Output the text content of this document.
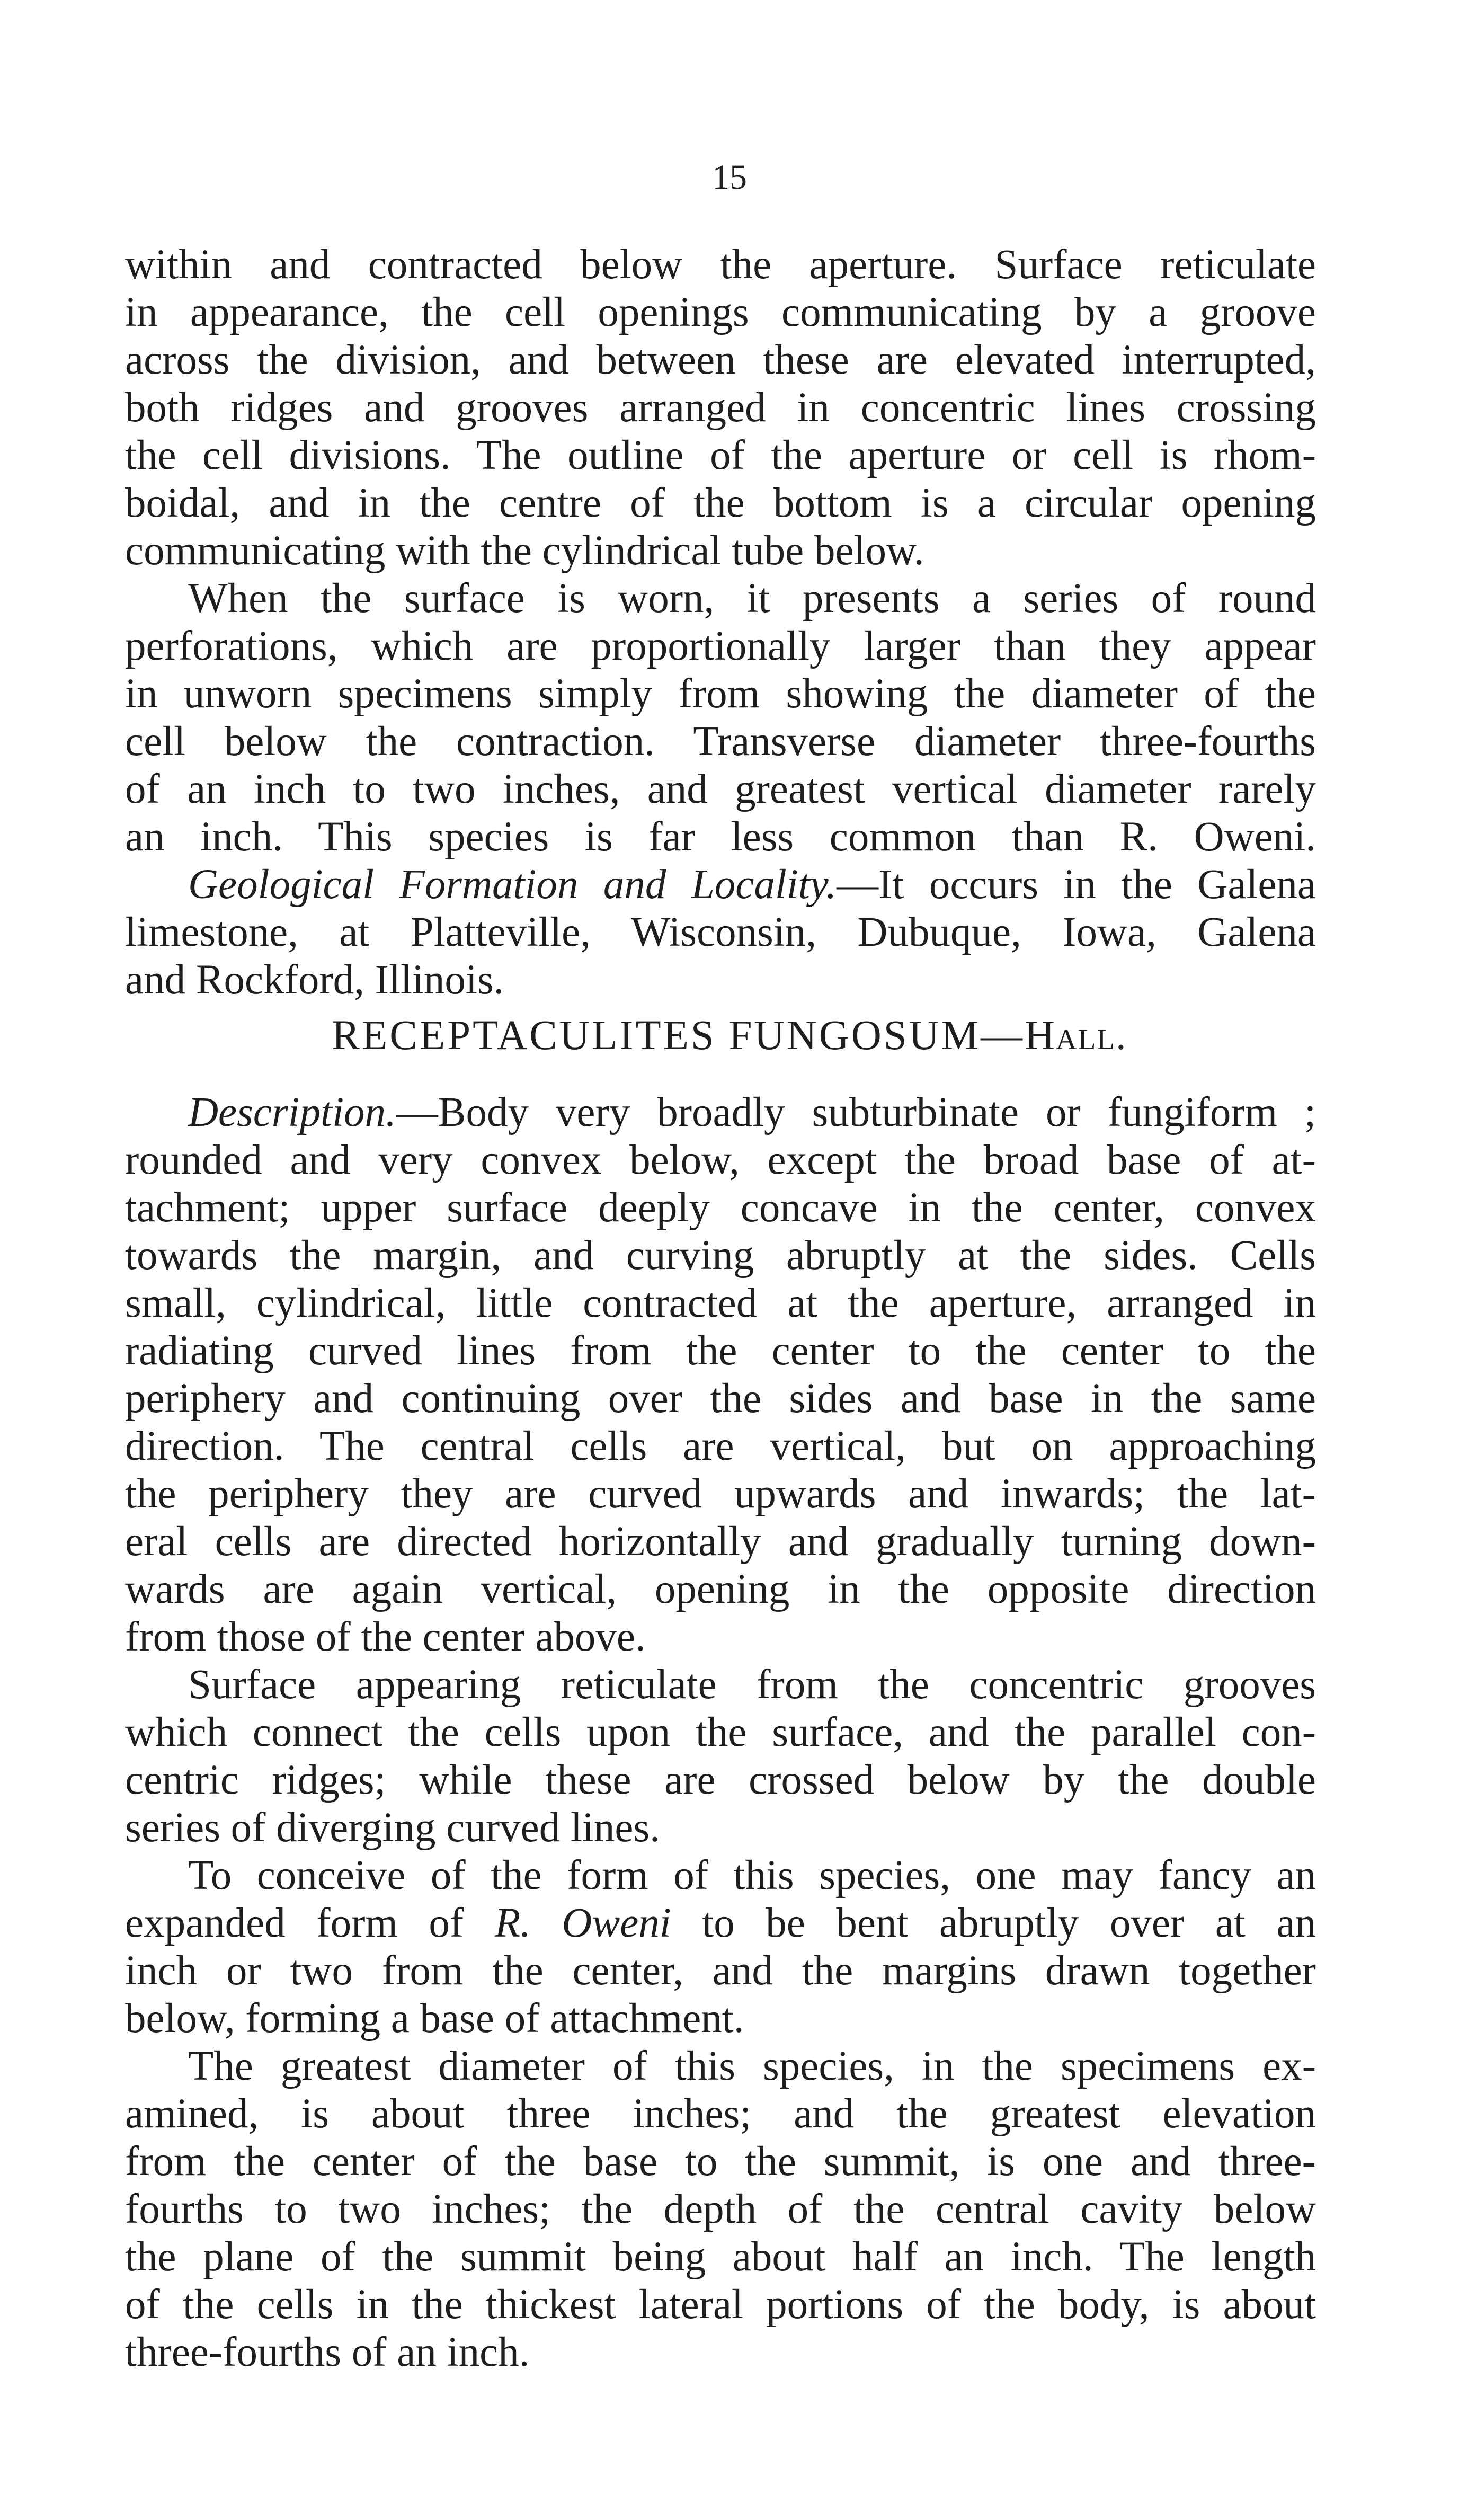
15
within and contracted below the aperture. Surface reticulate
in appearance, the cell openings communicating by a groove
across the division, and between these are elevated interrupted,
both ridges and grooves arranged in concentric lines crossing
the cell divisions. The outline of the aperture or cell is rhom-
boidal, and in the centre of the bottom is a circular opening
communicating with the cylindrical tube below.
When the surface is worn, it presents a series of round
perforations, which are proportionally larger than they appear
in unworn specimens simply from showing the diameter of the
cell below the contraction. Transverse diameter three-fourths
of an inch to two inches, and greatest vertical diameter rarely
an inch. This species is far less common than R. Oweni.
Geological Formation and Locality.—It occurs in the Galena
limestone, at Platteville, Wisconsin, Dubuque, Iowa, Galena
and Rockford, Illinois.
RECEPTACULITES FUNGOSUM—Hall.
Description.—Body very broadly subturbinate or fungiform ;
rounded and very convex below, except the broad base of at-
tachment; upper surface deeply concave in the center, convex
towards the margin, and curving abruptly at the sides. Cells
small, cylindrical, little contracted at the aperture, arranged in
radiating curved lines from the center to the center to the
periphery and continuing over the sides and base in the same
direction. The central cells are vertical, but on approaching
the periphery they are curved upwards and inwards; the lat-
eral cells are directed horizontally and gradually turning down-
wards are again vertical, opening in the opposite direction
from those of the center above.
Surface appearing reticulate from the concentric grooves
which connect the cells upon the surface, and the parallel con-
centric ridges; while these are crossed below by the double
series of diverging curved lines.
To conceive of the form of this species, one may fancy an
expanded form of R. Oweni to be bent abruptly over at an
inch or two from the center, and the margins drawn together
below, forming a base of attachment.
The greatest diameter of this species, in the specimens ex-
amined, is about three inches; and the greatest elevation
from the center of the base to the summit, is one and three-
fourths to two inches; the depth of the central cavity below
the plane of the summit being about half an inch. The length
of the cells in the thickest lateral portions of the body, is about
three-fourths of an inch.
